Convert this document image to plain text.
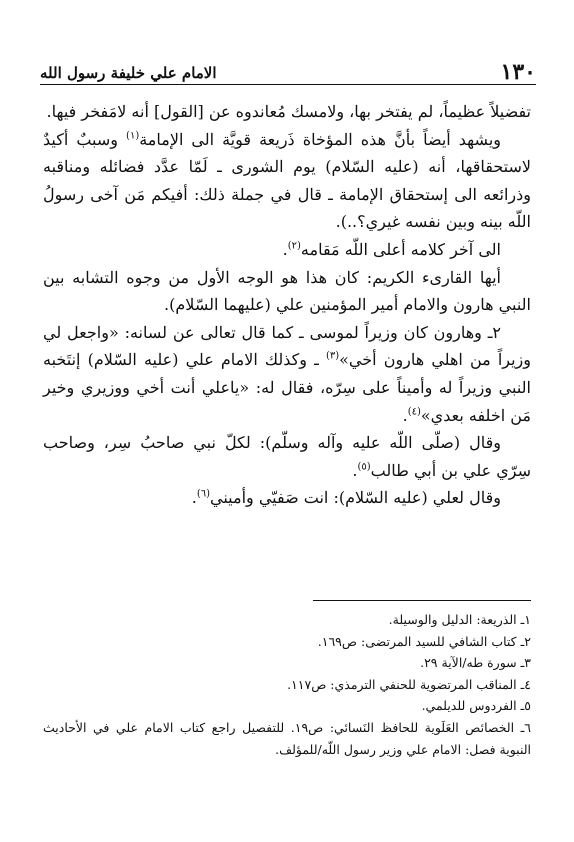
١٣٠
الامام علي خليفة رسول الله

تفضيلاً عظيماً، لم يفتخر بها، ولامسك مُعاندوه عن [القول] أنه لامَفخر فيها.

ويشهد أيضاً بأنَّ هذه المؤخاة ذَريعة قويَّة الى الإمامة$^{(١)}$ وسببٌ أكيدٌ لاستحقاقها، أنه (عليه السّلام) يوم الشورى ـ لَمّا عدَّد فضائله ومناقبه وذرائعه الى إستحقاق الإمامة ـ قال في جملة ذلك: أفيكم مَن آخى رسولُ اللّه بينه وبين نفسه غيري؟..).

الى آخر كلامه أعلى اللّه مَقامه$^{(٢)}$.

أيها القارىء الكريم: كان هذا هو الوجه الأول من وجوه التشابه بين النبي هارون والامام أمير المؤمنين علي (عليهما السّلام).

٢ـ وهارون كان وزيراً لموسى ـ كما قال تعالى عن لسانه: «واجعل لي وزيراً من اهلي هارون أخي»$^{(٣)}$ ـ وكذلك الامام علي (عليه السّلام) إنتَخبه النبي وزيراً له وأميناً على سِرّه، فقال له: «ياعلي أنت أخي ووزيري وخير مَن اخلفه بعدي»$^{(٤)}$.

وقال (صلّى اللّه عليه وآله وسلّم): لكلّ نبي صاحبُ سِر، وصاحب سِرّي علي بن أبي طالب$^{(٥)}$.

وقال لعلي (عليه السّلام): انت صَفيّي وأميني$^{(٦)}$.

١ـ الذريعة: الدليل والوسيلة.

٢ـ كتاب الشافي للسيد المرتضى: ص١٦٩.

٣ـ سورة طه/الآية ٢٩.

٤ـ المناقب المرتضوية للحنفي الترمذي: ص١١٧.

٥ـ الفردوس للديلمي.

٦ـ الخصائص العَلَوية للحافظ النَسائي: ص١٩. للتفصيل راجع كتاب الامام علي في الأحاديث النبوية فصل: الامام علي وزير رسول اللّه/للمؤلف.
